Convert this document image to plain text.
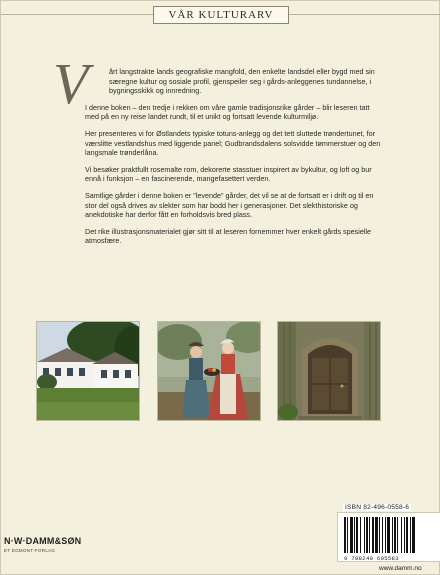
VÅR KULTURARV
V	årt langstrakte lands geografiske mangfold, den enkelte landsdel eller bygd med sin særegne kultur og sosiale profil, gjenspeiler seg i gårds-anleggenes tundannelse, i bygningsskikk og innredning.

I denne boken – den tredje i rekken om våre gamle tradisjonsrike gårder – blir leseren tatt med på en ny reise landet rundt, til et unikt og fortsatt levende kulturmiljø.

Her presenteres vi for Østlandets typiske totuns-anlegg og det tett sluttede trøndertunet, for værslitte vestlandshus med liggende panel; Gudbrandsdalens solsvidde tømmerstuer og den langsmale trønderlåna.

Vi besøker praktfullt rosemalte rom, dekorerte stasstuer inspirert av bykultur, og loft og bur ennå i funksjon – en fascinerende, mangefasettert verden.

Samtlige gårder i denne boken er "levende" gårder, det vil se at de fortsatt er i drift og til en stor del også drives av slekter som har bodd her i generasjoner. Det slekthistoriske og anekdotiske har derfor fått en forholdsvis bred plass.

Det rike illustrasjonsmaterialet gjør sitt til at leseren fornemmer hver enkelt gårds spesielle atmosfære.

N·W·DAMM&SØN
ET EGMONT-FORLAG
ISBN 82-496-0558-6
9 788249 605583
www.damm.no
